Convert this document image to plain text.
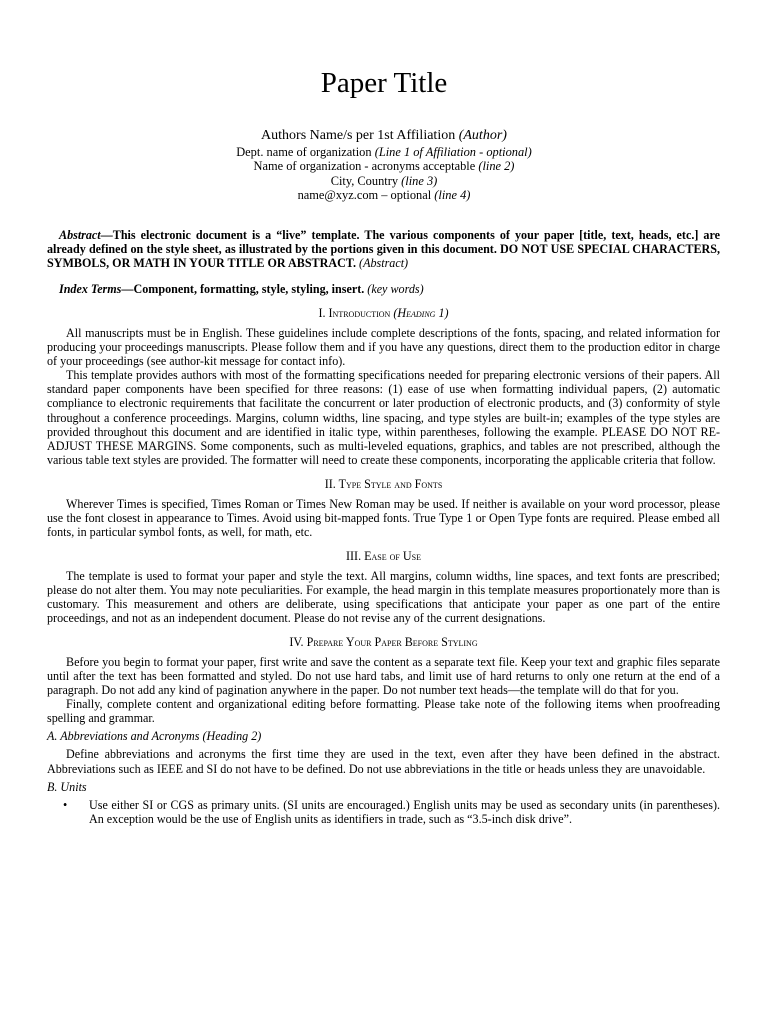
Paper Title
Authors Name/s per 1st Affiliation (Author)
Dept. name of organization (Line 1 of Affiliation - optional)
Name of organization - acronyms acceptable (line 2)
City, Country (line 3)
name@xyz.com – optional (line 4)

Abstract—This electronic document is a “live” template. The various components of your paper [title, text, heads, etc.] are already defined on the style sheet, as illustrated by the portions given in this document. DO NOT USE SPECIAL CHARACTERS, SYMBOLS, OR MATH IN YOUR TITLE OR ABSTRACT. (Abstract)

Index Terms—Component, formatting, style, styling, insert. (key words)

I. Introduction (Heading 1)

All manuscripts must be in English. These guidelines include complete descriptions of the fonts, spacing, and related information for producing your proceedings manuscripts. Please follow them and if you have any questions, direct them to the production editor in charge of your proceedings (see author-kit message for contact info).

This template provides authors with most of the formatting specifications needed for preparing electronic versions of their papers. All standard paper components have been specified for three reasons: (1) ease of use when formatting individual papers, (2) automatic compliance to electronic requirements that facilitate the concurrent or later production of electronic products, and (3) conformity of style throughout a conference proceedings. Margins, column widths, line spacing, and type styles are built-in; examples of the type styles are provided throughout this document and are identified in italic type, within parentheses, following the example. PLEASE DO NOT RE-ADJUST THESE MARGINS. Some components, such as multi-leveled equations, graphics, and tables are not prescribed, although the various table text styles are provided. The formatter will need to create these components, incorporating the applicable criteria that follow.

II. Type Style and Fonts

Wherever Times is specified, Times Roman or Times New Roman may be used. If neither is available on your word processor, please use the font closest in appearance to Times. Avoid using bit-mapped fonts. True Type 1 or Open Type fonts are required. Please embed all fonts, in particular symbol fonts, as well, for math, etc.

III. Ease of Use

The template is used to format your paper and style the text. All margins, column widths, line spaces, and text fonts are prescribed; please do not alter them. You may note peculiarities. For example, the head margin in this template measures proportionately more than is customary. This measurement and others are deliberate, using specifications that anticipate your paper as one part of the entire proceedings, and not as an independent document. Please do not revise any of the current designations.

IV. Prepare Your Paper Before Styling

Before you begin to format your paper, first write and save the content as a separate text file. Keep your text and graphic files separate until after the text has been formatted and styled. Do not use hard tabs, and limit use of hard returns to only one return at the end of a paragraph. Do not add any kind of pagination anywhere in the paper. Do not number text heads—the template will do that for you.

Finally, complete content and organizational editing before formatting. Please take note of the following items when proofreading spelling and grammar.

A. Abbreviations and Acronyms (Heading 2)

Define abbreviations and acronyms the first time they are used in the text, even after they have been defined in the abstract. Abbreviations such as IEEE and SI do not have to be defined. Do not use abbreviations in the title or heads unless they are unavoidable.

B. Units

• Use either SI or CGS as primary units. (SI units are encouraged.) English units may be used as secondary units (in parentheses). An exception would be the use of English units as identifiers in trade, such as “3.5-inch disk drive”.
